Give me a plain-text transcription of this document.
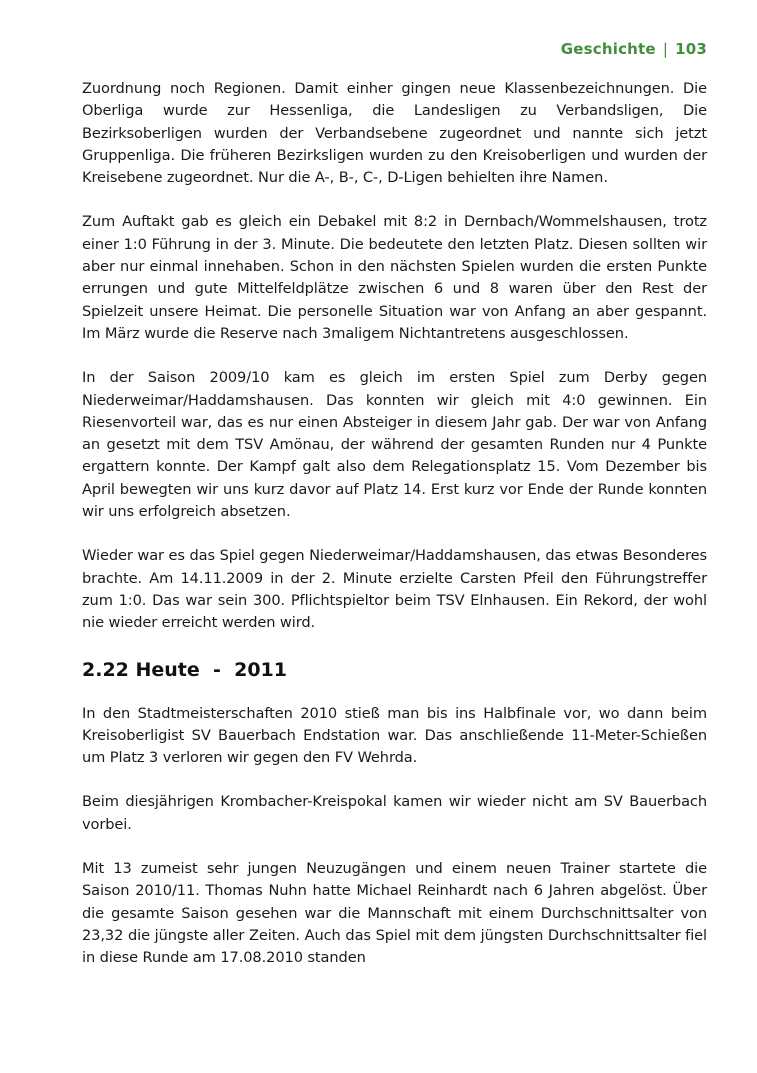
Geschichte | 103

Zuordnung noch Regionen. Damit einher gingen neue Klassenbezeichnungen. Die Oberliga wurde zur Hessenliga, die Landesligen zu Verbandsligen, Die Bezirksoberligen wurden der Verbandsebene zugeordnet und nannte sich jetzt Gruppenliga. Die früheren Bezirksligen wurden zu den Kreisoberligen und wurden der Kreisebene zugeordnet. Nur die A-, B-, C-, D-Ligen behielten ihre Namen.

Zum Auftakt gab es gleich ein Debakel mit 8:2 in Dernbach/Wommelshausen, trotz einer 1:0 Führung in der 3. Minute. Die bedeutete den letzten Platz. Diesen sollten wir aber nur einmal innehaben. Schon in den nächsten Spielen wurden die ersten Punkte errungen und gute Mittelfeldplätze zwischen 6 und 8 waren über den Rest der Spielzeit unsere Heimat. Die personelle Situation war von Anfang an aber gespannt. Im März wurde die Reserve nach 3maligem Nichtantretens ausgeschlossen.

In der Saison 2009/10 kam es gleich im ersten Spiel zum Derby gegen Niederweimar/Haddamshausen. Das konnten wir gleich mit 4:0 gewinnen. Ein Riesenvorteil war, das es nur einen Absteiger in diesem Jahr gab. Der war von Anfang an gesetzt mit dem TSV Amönau, der während der gesamten Runden nur 4 Punkte ergattern konnte. Der Kampf galt also dem Relegationsplatz 15. Vom Dezember bis April bewegten wir uns kurz davor auf Platz 14. Erst kurz vor Ende der Runde konnten wir uns erfolgreich absetzen.

Wieder war es das Spiel gegen Niederweimar/Haddamshausen, das etwas Besonderes brachte. Am 14.11.2009 in der 2. Minute erzielte Carsten Pfeil den Führungstreffer zum 1:0. Das war sein 300. Pflichtspieltor beim TSV Elnhausen. Ein Rekord, der wohl nie wieder erreicht werden wird.

2.22 Heute  -  2011

In den Stadtmeisterschaften 2010 stieß man bis ins Halbfinale vor, wo dann beim Kreisoberligist SV Bauerbach Endstation war. Das anschließende 11-Meter-Schießen um Platz 3 verloren wir gegen den FV Wehrda.

Beim diesjährigen Krombacher-Kreispokal kamen wir wieder nicht am SV Bauerbach vorbei.

Mit 13 zumeist sehr jungen Neuzugängen und einem neuen Trainer startete die Saison 2010/11. Thomas Nuhn hatte Michael Reinhardt nach 6 Jahren abgelöst. Über die gesamte Saison gesehen war die Mannschaft mit einem Durchschnittsalter von 23,32 die jüngste aller Zeiten. Auch das Spiel mit dem jüngsten Durchschnittsalter fiel in diese Runde am 17.08.2010 standen
